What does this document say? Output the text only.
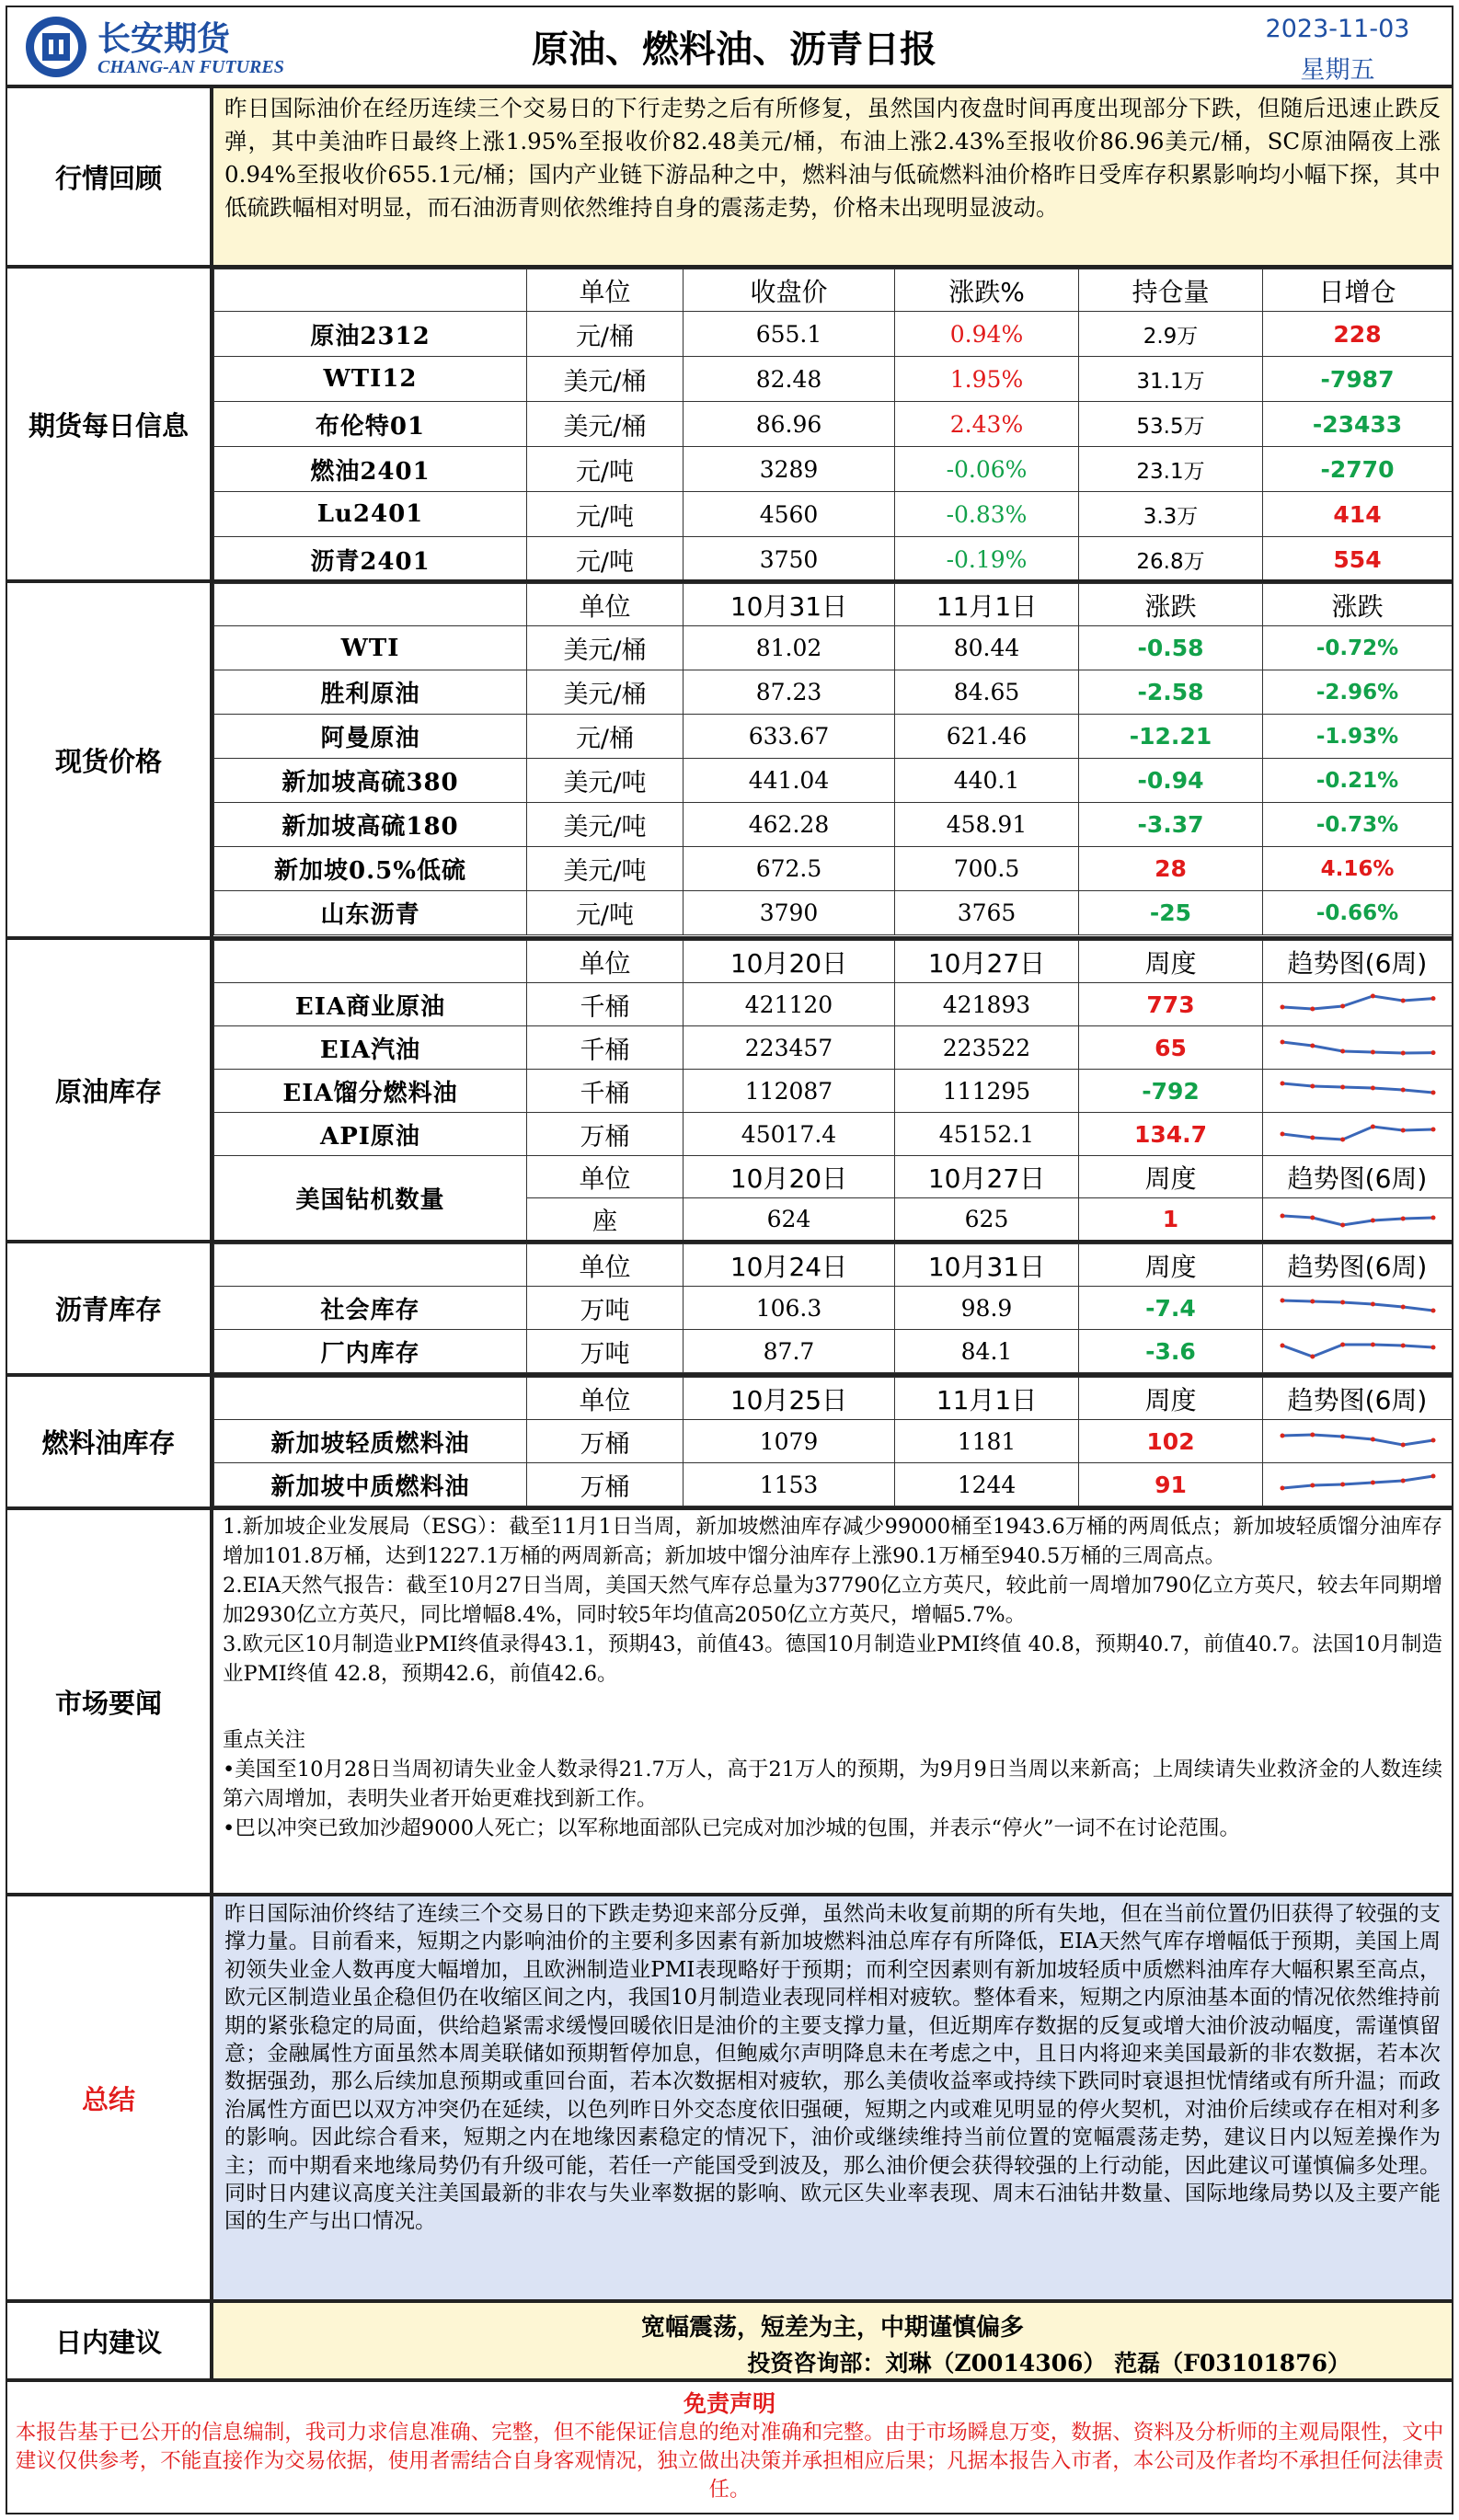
长安期货
CHANG-AN FUTURES	原油、燃料油、沥青日报	2023-11-03
星期五
行情回顾
昨日国际油价在经历连续三个交易日的下行走势之后有所修复，虽然国内夜盘时间再度出现部分下跌，但随后迅速止跌反弹，其中美油昨日最终上涨1.95%至报收价82.48美元/桶，布油上涨2.43%至报收价86.96美元/桶，SC原油隔夜上涨0.94%至报收价655.1元/桶；国内产业链下游品种之中，燃料油与低硫燃料油价格昨日受库存积累影响均小幅下探，其中低硫跌幅相对明显，而石油沥青则依然维持自身的震荡走势，价格未出现明显波动。
期货每日信息
	单位	收盘价	涨跌%	持仓量	日增仓
原油2312	元/桶	655.1	0.94%	2.9万	228
WTI12	美元/桶	82.48	1.95%	31.1万	-7987
布伦特01	美元/桶	86.96	2.43%	53.5万	-23433
燃油2401	元/吨	3289	-0.06%	23.1万	-2770
Lu2401	元/吨	4560	-0.83%	3.3万	414
沥青2401	元/吨	3750	-0.19%	26.8万	554
现货价格
	单位	10月31日	11月1日	涨跌	涨跌
WTI	美元/桶	81.02	80.44	-0.58	-0.72%
胜利原油	美元/桶	87.23	84.65	-2.58	-2.96%
阿曼原油	元/桶	633.67	621.46	-12.21	-1.93%
新加坡高硫380	美元/吨	441.04	440.1	-0.94	-0.21%
新加坡高硫180	美元/吨	462.28	458.91	-3.37	-0.73%
新加坡0.5%低硫	美元/吨	672.5	700.5	28	4.16%
山东沥青	元/吨	3790	3765	-25	-0.66%
原油库存
	单位	10月20日	10月27日	周度	趋势图(6周)
EIA商业原油	千桶	421120	421893	773	

EIA汽油	千桶	223457	223522	65	

EIA馏分燃料油	千桶	112087	111295	-792	

API原油	万桶	45017.4	45152.1	134.7	

美国钻机数量	单位	10月20日	10月27日	周度	趋势图(6周)
	座	624	625	1	
沥青库存
	单位	10月24日	10月31日	周度	趋势图(6周)
社会库存	万吨	106.3	98.9	-7.4	

厂内库存	万吨	87.7	84.1	-3.6	
燃料油库存
	单位	10月25日	11月1日	周度	趋势图(6周)
新加坡轻质燃料油	万桶	1079	1181	102	

新加坡中质燃料油	万桶	1153	1244	91	
市场要闻
1.新加坡企业发展局（ESG）：截至11月1日当周，新加坡燃油库存减少99000桶至1943.6万桶的两周低点；新加坡轻质馏分油库存增加101.8万桶，达到1227.1万桶的两周新高；新加坡中馏分油库存上涨90.1万桶至940.5万桶的三周高点。
2.EIA天然气报告：截至10月27日当周，美国天然气库存总量为37790亿立方英尺，较此前一周增加790亿立方英尺，较去年同期增加2930亿立方英尺，同比增幅8.4%，同时较5年均值高2050亿立方英尺，增幅5.7%。
3.欧元区10月制造业PMI终值录得43.1，预期43，前值43。德国10月制造业PMI终值 40.8，预期40.7，前值40.7。法国10月制造业PMI终值 42.8，预期42.6，前值42.6。
重点关注
•美国至10月28日当周初请失业金人数录得21.7万人，高于21万人的预期，为9月9日当周以来新高；上周续请失业救济金的人数连续第六周增加，表明失业者开始更难找到新工作。
•巴以冲突已致加沙超9000人死亡；以军称地面部队已完成对加沙城的包围，并表示“停火”一词不在讨论范围。
总结
昨日国际油价终结了连续三个交易日的下跌走势迎来部分反弹，虽然尚未收复前期的所有失地，但在当前位置仍旧获得了较强的支撑力量。目前看来，短期之内影响油价的主要利多因素有新加坡燃料油总库存有所降低，EIA天然气库存增幅低于预期，美国上周初领失业金人数再度大幅增加，且欧洲制造业PMI表现略好于预期；而利空因素则有新加坡轻质中质燃料油库存大幅积累至高点，欧元区制造业虽企稳但仍在收缩区间之内，我国10月制造业表现同样相对疲软。整体看来，短期之内原油基本面的情况依然维持前期的紧张稳定的局面，供给趋紧需求缓慢回暖依旧是油价的主要支撑力量，但近期库存数据的反复或增大油价波动幅度，需谨慎留意；金融属性方面虽然本周美联储如预期暂停加息，但鲍威尔声明降息未在考虑之中，且日内将迎来美国最新的非农数据，若本次数据强劲，那么后续加息预期或重回台面，若本次数据相对疲软，那么美债收益率或持续下跌同时衰退担忧情绪或有所升温；而政治属性方面巴以双方冲突仍在延续，以色列昨日外交态度依旧强硬，短期之内或难见明显的停火契机，对油价后续或存在相对利多的影响。因此综合看来，短期之内在地缘因素稳定的情况下，油价或继续维持当前位置的宽幅震荡走势，建议日内以短差操作为主；而中期看来地缘局势仍有升级可能，若任一产能国受到波及，那么油价便会获得较强的上行动能，因此建议可谨慎偏多处理。同时日内建议高度关注美国最新的非农与失业率数据的影响、欧元区失业率表现、周末石油钻井数量、国际地缘局势以及主要产能国的生产与出口情况。
日内建议	宽幅震荡，短差为主，中期谨慎偏多
投资咨询部：刘琳（Z0014306） 范磊（F03101876）
免责声明
本报告基于已公开的信息编制，我司力求信息准确、完整，但不能保证信息的绝对准确和完整。由于市场瞬息万变，数据、资料及分析师的主观局限性，文中建议仅供参考，不能直接作为交易依据，使用者需结合自身客观情况，独立做出决策并承担相应后果；凡据本报告入市者，本公司及作者均不承担任何法律责任。
